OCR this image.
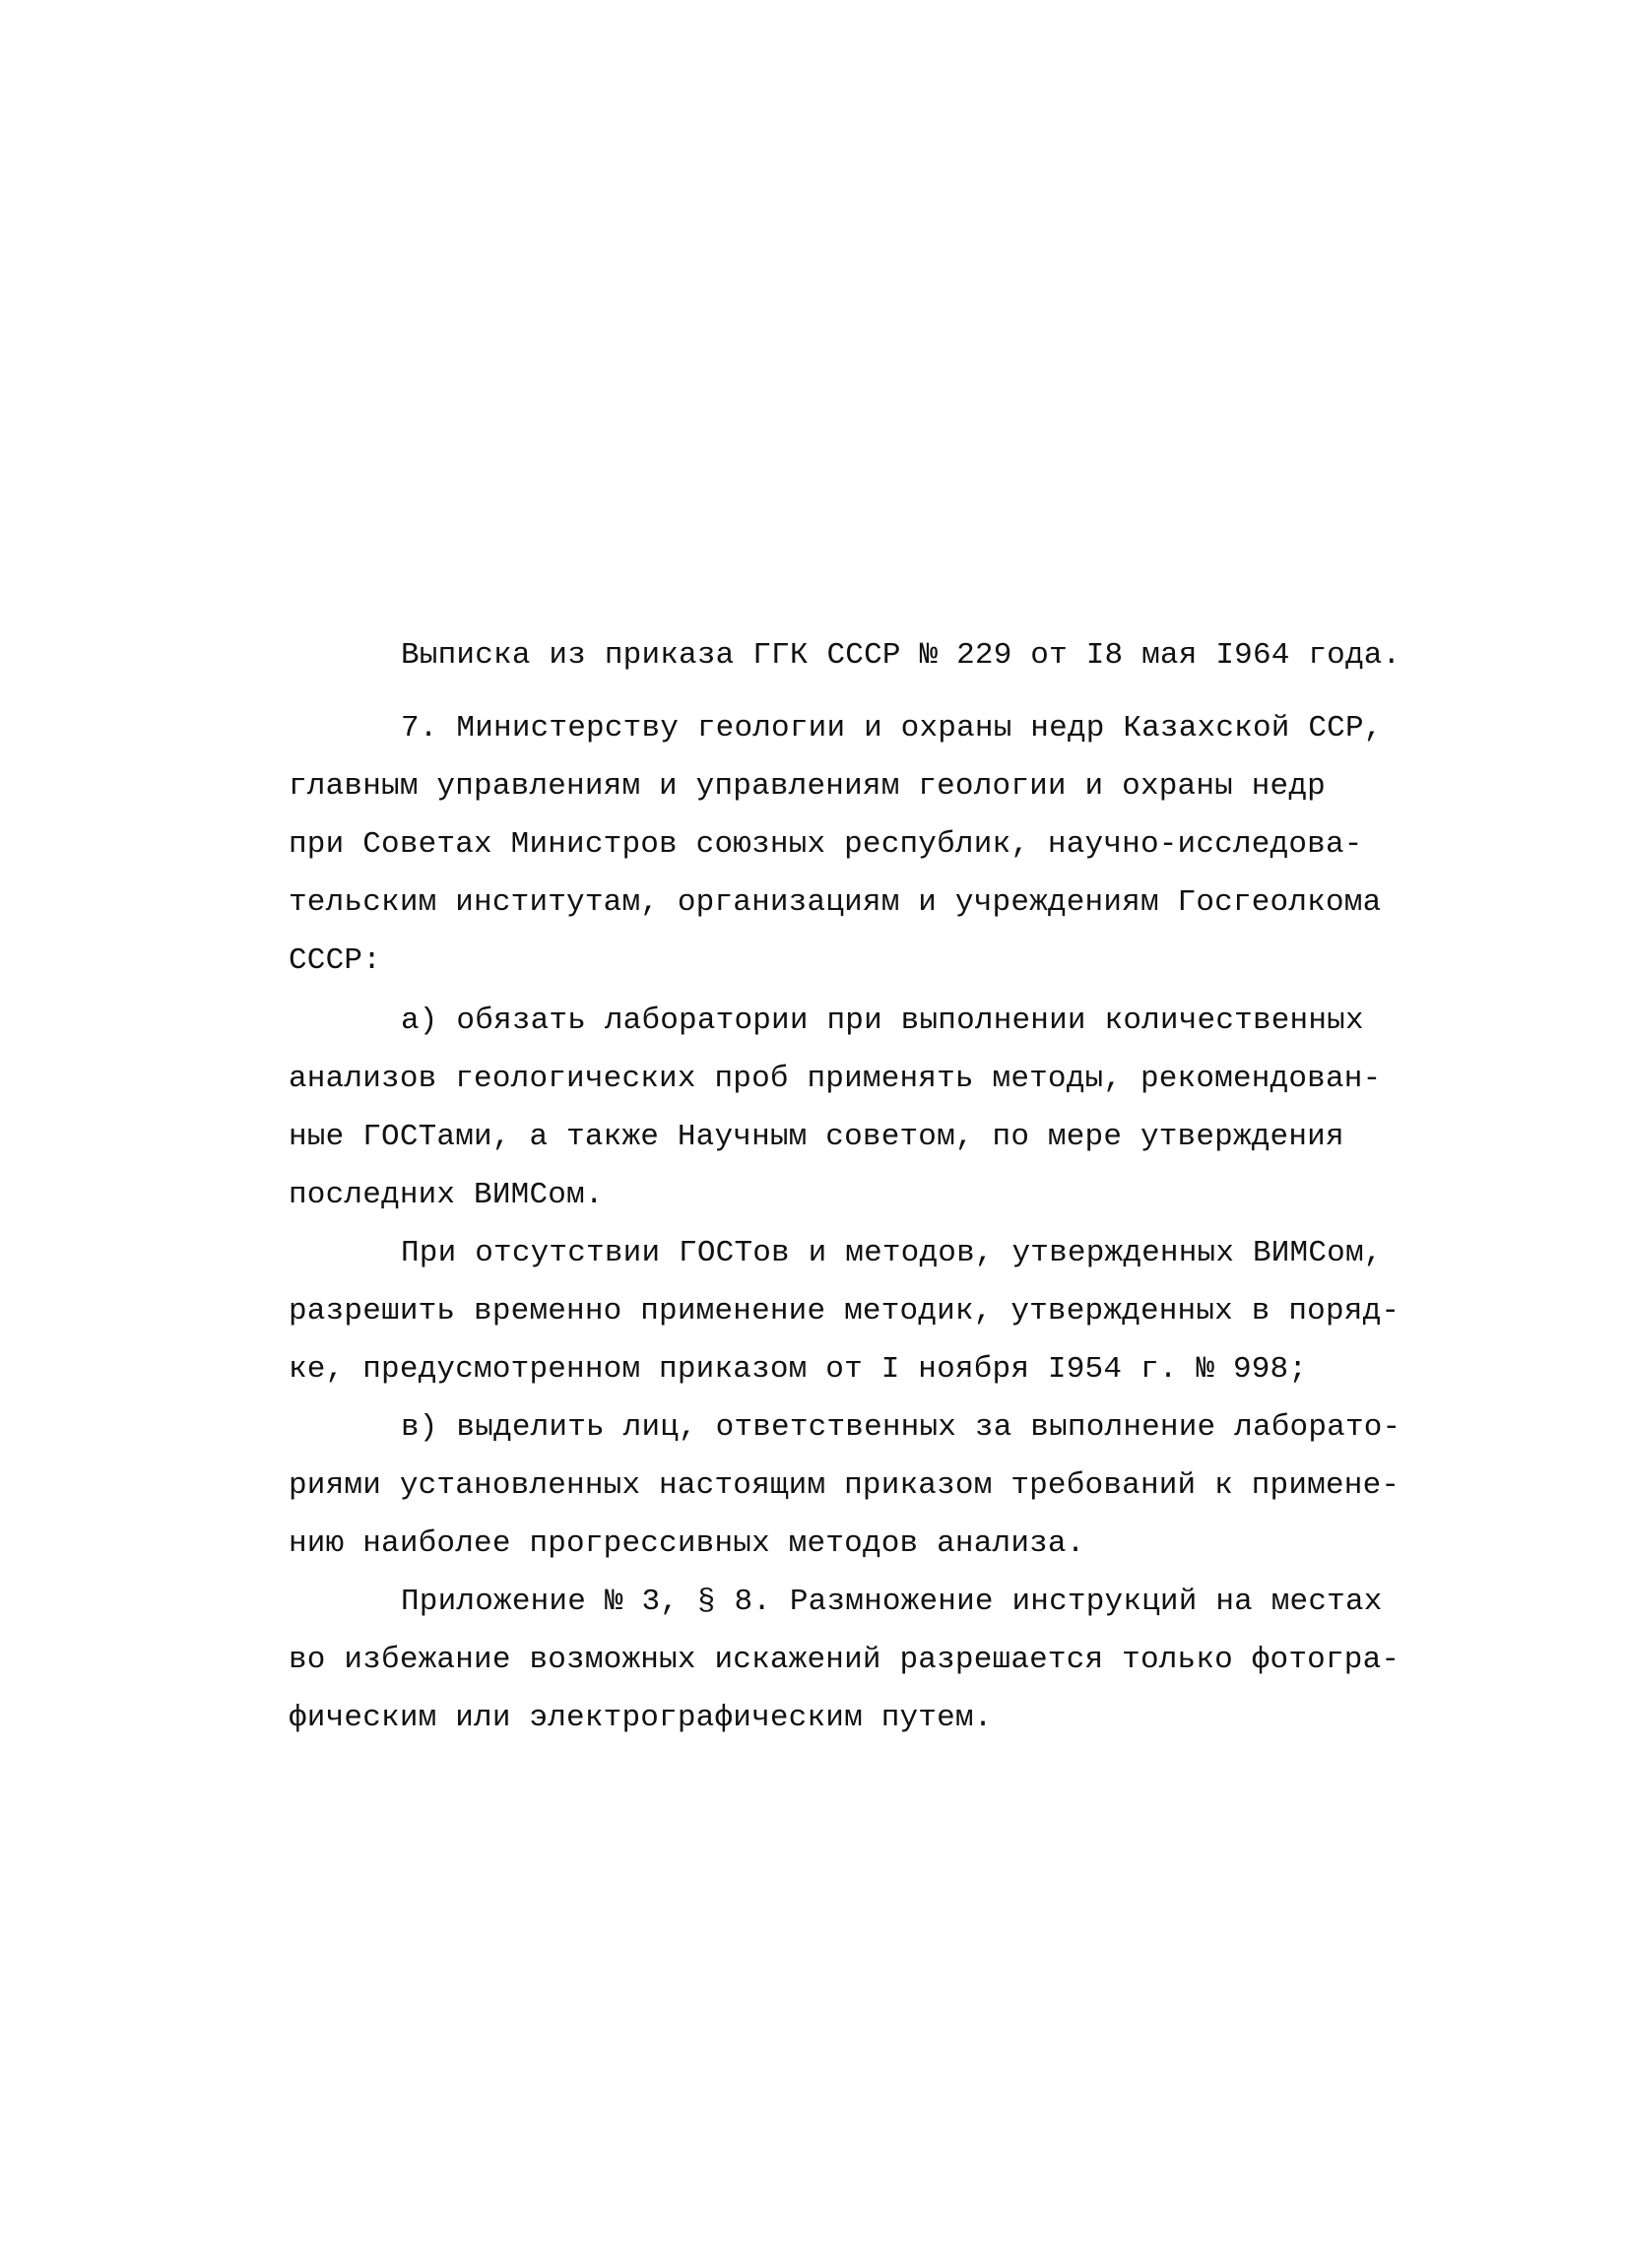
Выписка из приказа ГГК СССР № 229 от I8 мая I964 года.

7. Министерству геологии и охраны недр Казахской ССР,

главным управлениям и управлениям геологии и охраны недр

при Советах Министров союзных республик, научно-исследова-

тельским институтам, организациям и учреждениям Госгеолкома

СССР:

а) обязать лаборатории при выполнении количественных

анализов геологических проб применять методы, рекомендован-

ные ГОСТами, а также Научным советом, по мере утверждения

последних ВИМСом.

При отсутствии ГОСТов и методов, утвержденных ВИМСом,

разрешить временно применение методик, утвержденных в поряд-

ке, предусмотренном приказом от I ноября I954 г. № 998;

в) выделить лиц, ответственных за выполнение лаборато-

риями установленных настоящим приказом требований к примене-

нию наиболее прогрессивных методов анализа.

Приложение № 3, § 8. Размножение инструкций на местах

во избежание возможных искажений разрешается только фотогра-

фическим или электрографическим путем.
